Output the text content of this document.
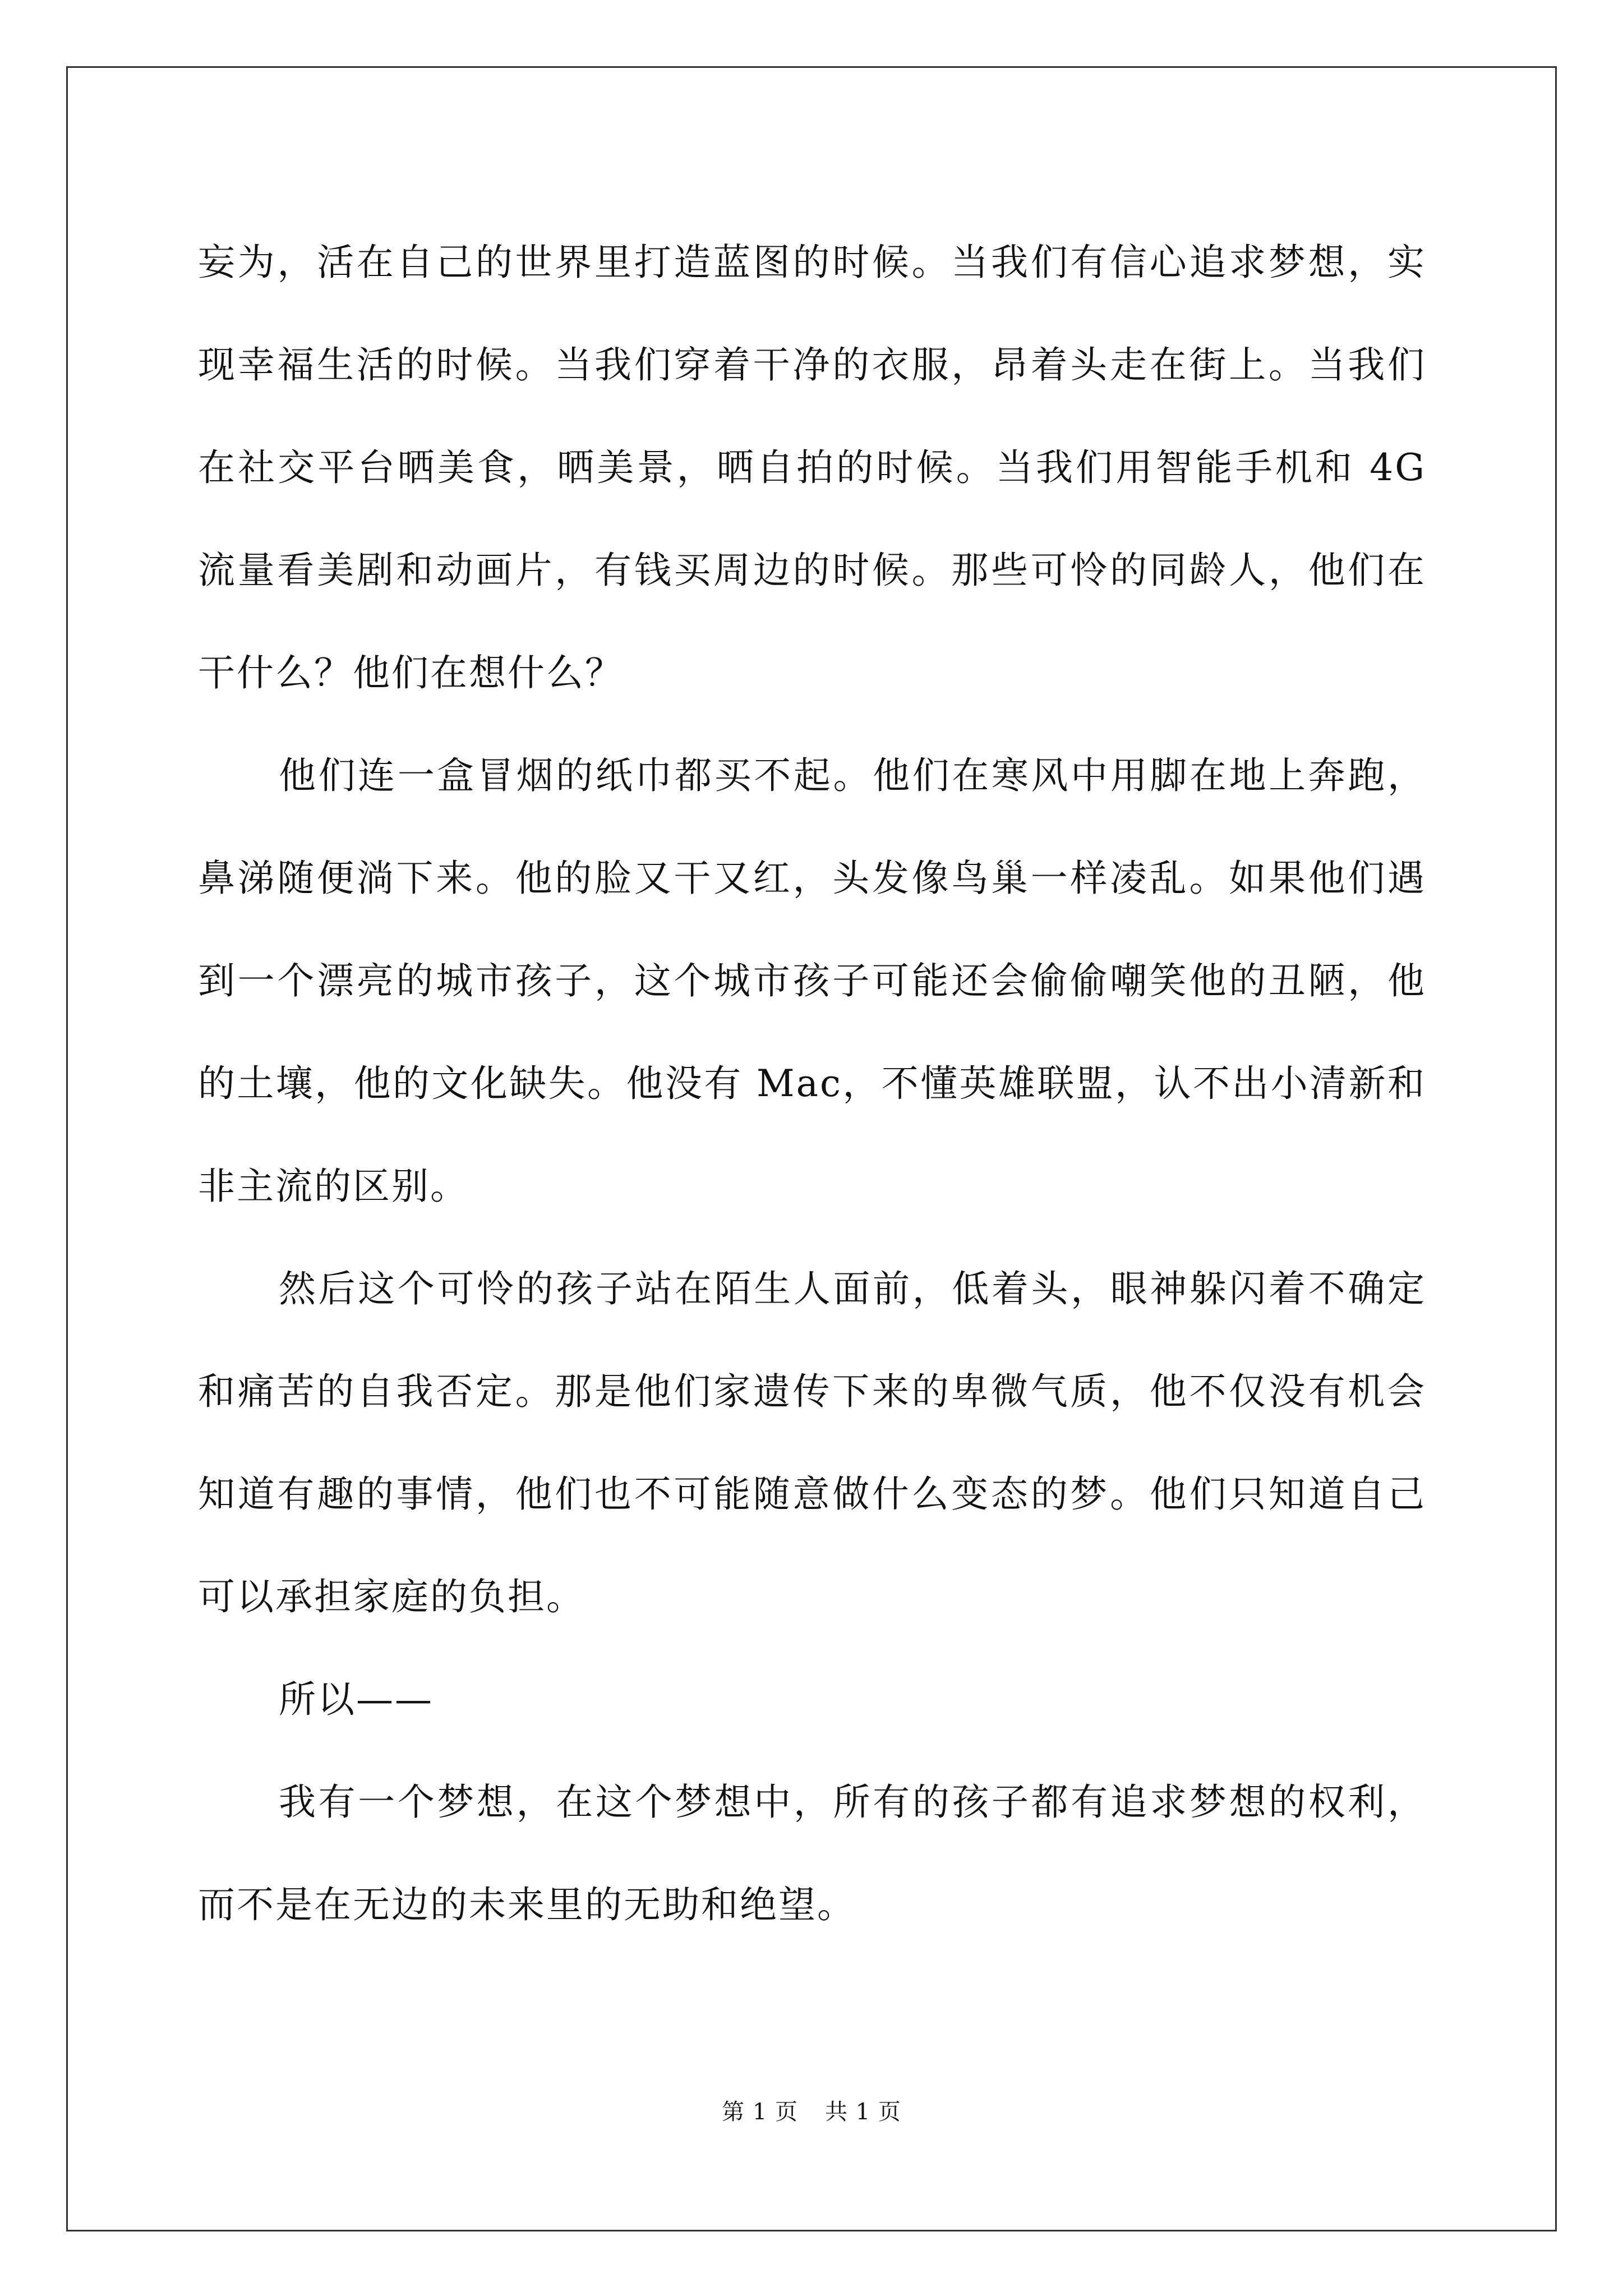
妄为，活在自己的世界里打造蓝图的时候。当我们有信心追求梦想，实现幸福生活的时候。当我们穿着干净的衣服，昂着头走在街上。当我们在社交平台晒美食，晒美景，晒自拍的时候。当我们用智能手机和 4G 流量看美剧和动画片，有钱买周边的时候。那些可怜的同龄人，他们在干什么？他们在想什么？

他们连一盒冒烟的纸巾都买不起。他们在寒风中用脚在地上奔跑，鼻涕随便淌下来。他的脸又干又红，头发像鸟巢一样凌乱。如果他们遇到一个漂亮的城市孩子，这个城市孩子可能还会偷偷嘲笑他的丑陋，他的土壤，他的文化缺失。他没有 Mac，不懂英雄联盟，认不出小清新和非主流的区别。

然后这个可怜的孩子站在陌生人面前，低着头，眼神躲闪着不确定和痛苦的自我否定。那是他们家遗传下来的卑微气质，他不仅没有机会知道有趣的事情，他们也不可能随意做什么变态的梦。他们只知道自己可以承担家庭的负担。

所以——

我有一个梦想，在这个梦想中，所有的孩子都有追求梦想的权利，而不是在无边的未来里的无助和绝望。

第 1 页 共 1 页
